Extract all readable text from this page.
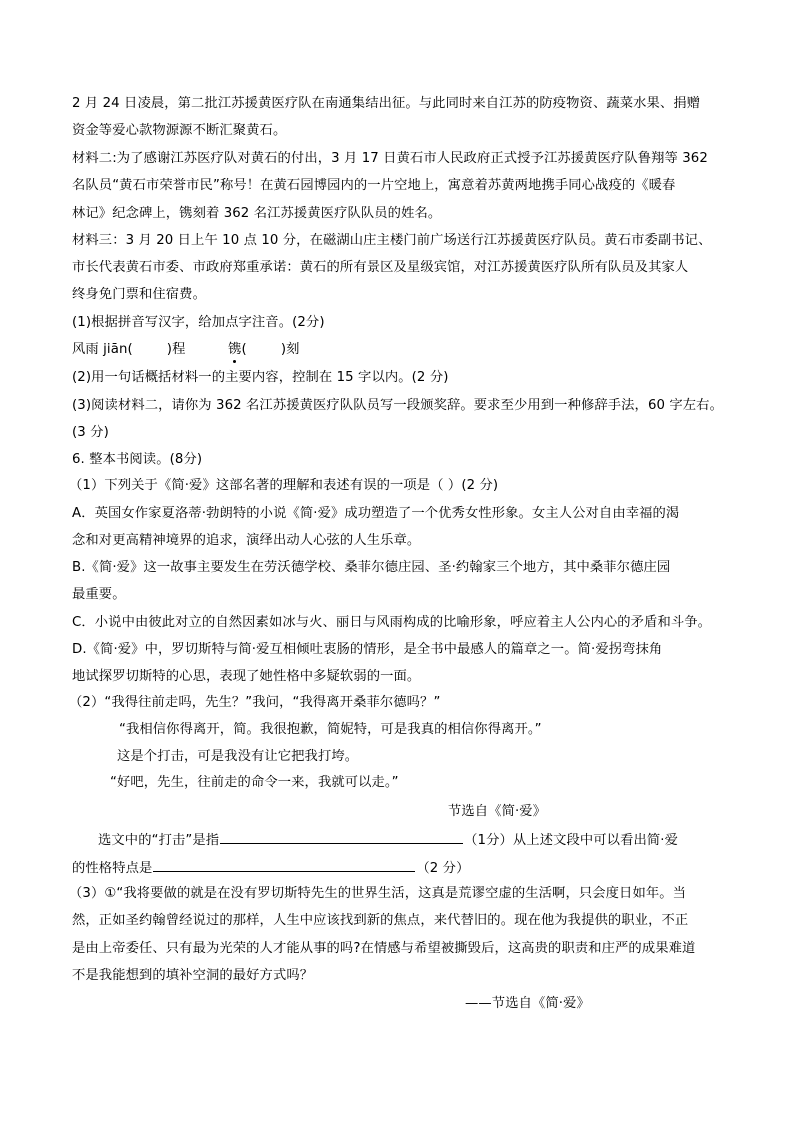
2 月 24 日凌晨，第二批江苏援黄医疗队在南通集结出征。与此同时来自江苏的防疫物资、蔬菜水果、捐赠
资金等爱心款物源源不断汇聚黄石。
材料二:为了感谢江苏医疗队对黄石的付出，3 月 17 日黄石市人民政府正式授予江苏援黄医疗队鲁翔等 362
名队员“黄石市荣誉市民”称号！在黄石园博园内的一片空地上，寓意着苏黄两地携手同心战疫的《暖春
林记》纪念碑上，镌刻着 362 名江苏援黄医疗队队员的姓名。
材料三：3 月 20 日上午 10 点 10 分，在磁湖山庄主楼门前广场送行江苏援黄医疗队员。黄石市委副书记、
市长代表黄石市委、市政府郑重承诺：黄石的所有景区及星级宾馆，对江苏援黄医疗队所有队员及其家人
终身免门票和住宿费。
(1)根据拼音写汉字，给加点字注音。(2分)
风雨 jiān(	)程	镌(	)刻
(2)用一句话概括材料一的主要内容，控制在 15 字以内。(2 分)
(3)阅读材料二，请你为 362 名江苏援黄医疗队队员写一段颁奖辞。要求至少用到一种修辞手法，60 字左右。
(3 分)
6. 整本书阅读。(8分)
（1）下列关于《简·爱》这部名著的理解和表述有误的一项是（ ）(2 分)
A．英国女作家夏洛蒂·勃朗特的小说《简·爱》成功塑造了一个优秀女性形象。女主人公对自由幸福的渴
念和对更高精神境界的追求，演绎出动人心弦的人生乐章。
B.《简·爱》这一故事主要发生在劳沃德学校、桑菲尔德庄园、圣·约翰家三个地方，其中桑菲尔德庄园
最重要。
C．小说中由彼此对立的自然因素如冰与火、丽日与风雨构成的比喻形象，呼应着主人公内心的矛盾和斗争。
D.《简·爱》中，罗切斯特与简·爱互相倾吐衷肠的情形，是全书中最感人的篇章之一。简·爱拐弯抹角
地试探罗切斯特的心思，表现了她性格中多疑软弱的一面。
（2）“我得往前走吗，先生？”我问，“我得离开桑菲尔德吗？”
“我相信你得离开，简。我很抱歉，简妮特，可是我真的相信你得离开。”
这是个打击，可是我没有让它把我打垮。
“好吧，先生，往前走的命令一来，我就可以走。”
节选自《简·爱》
选文中的“打击”是指	（1分）从上述文段中可以看出简·爱
的性格特点是	（2 分）
（3）①“我将要做的就是在没有罗切斯特先生的世界生活，这真是荒谬空虚的生活啊，只会度日如年。当
然，正如圣约翰曾经说过的那样，人生中应该找到新的焦点，来代替旧的。现在他为我提供的职业，不正
是由上帝委任、只有最为光荣的人才能从事的吗?在情感与希望被撕毁后，这高贵的职责和庄严的成果难道
不是我能想到的填补空洞的最好方式吗？
——节选自《简·爱》
